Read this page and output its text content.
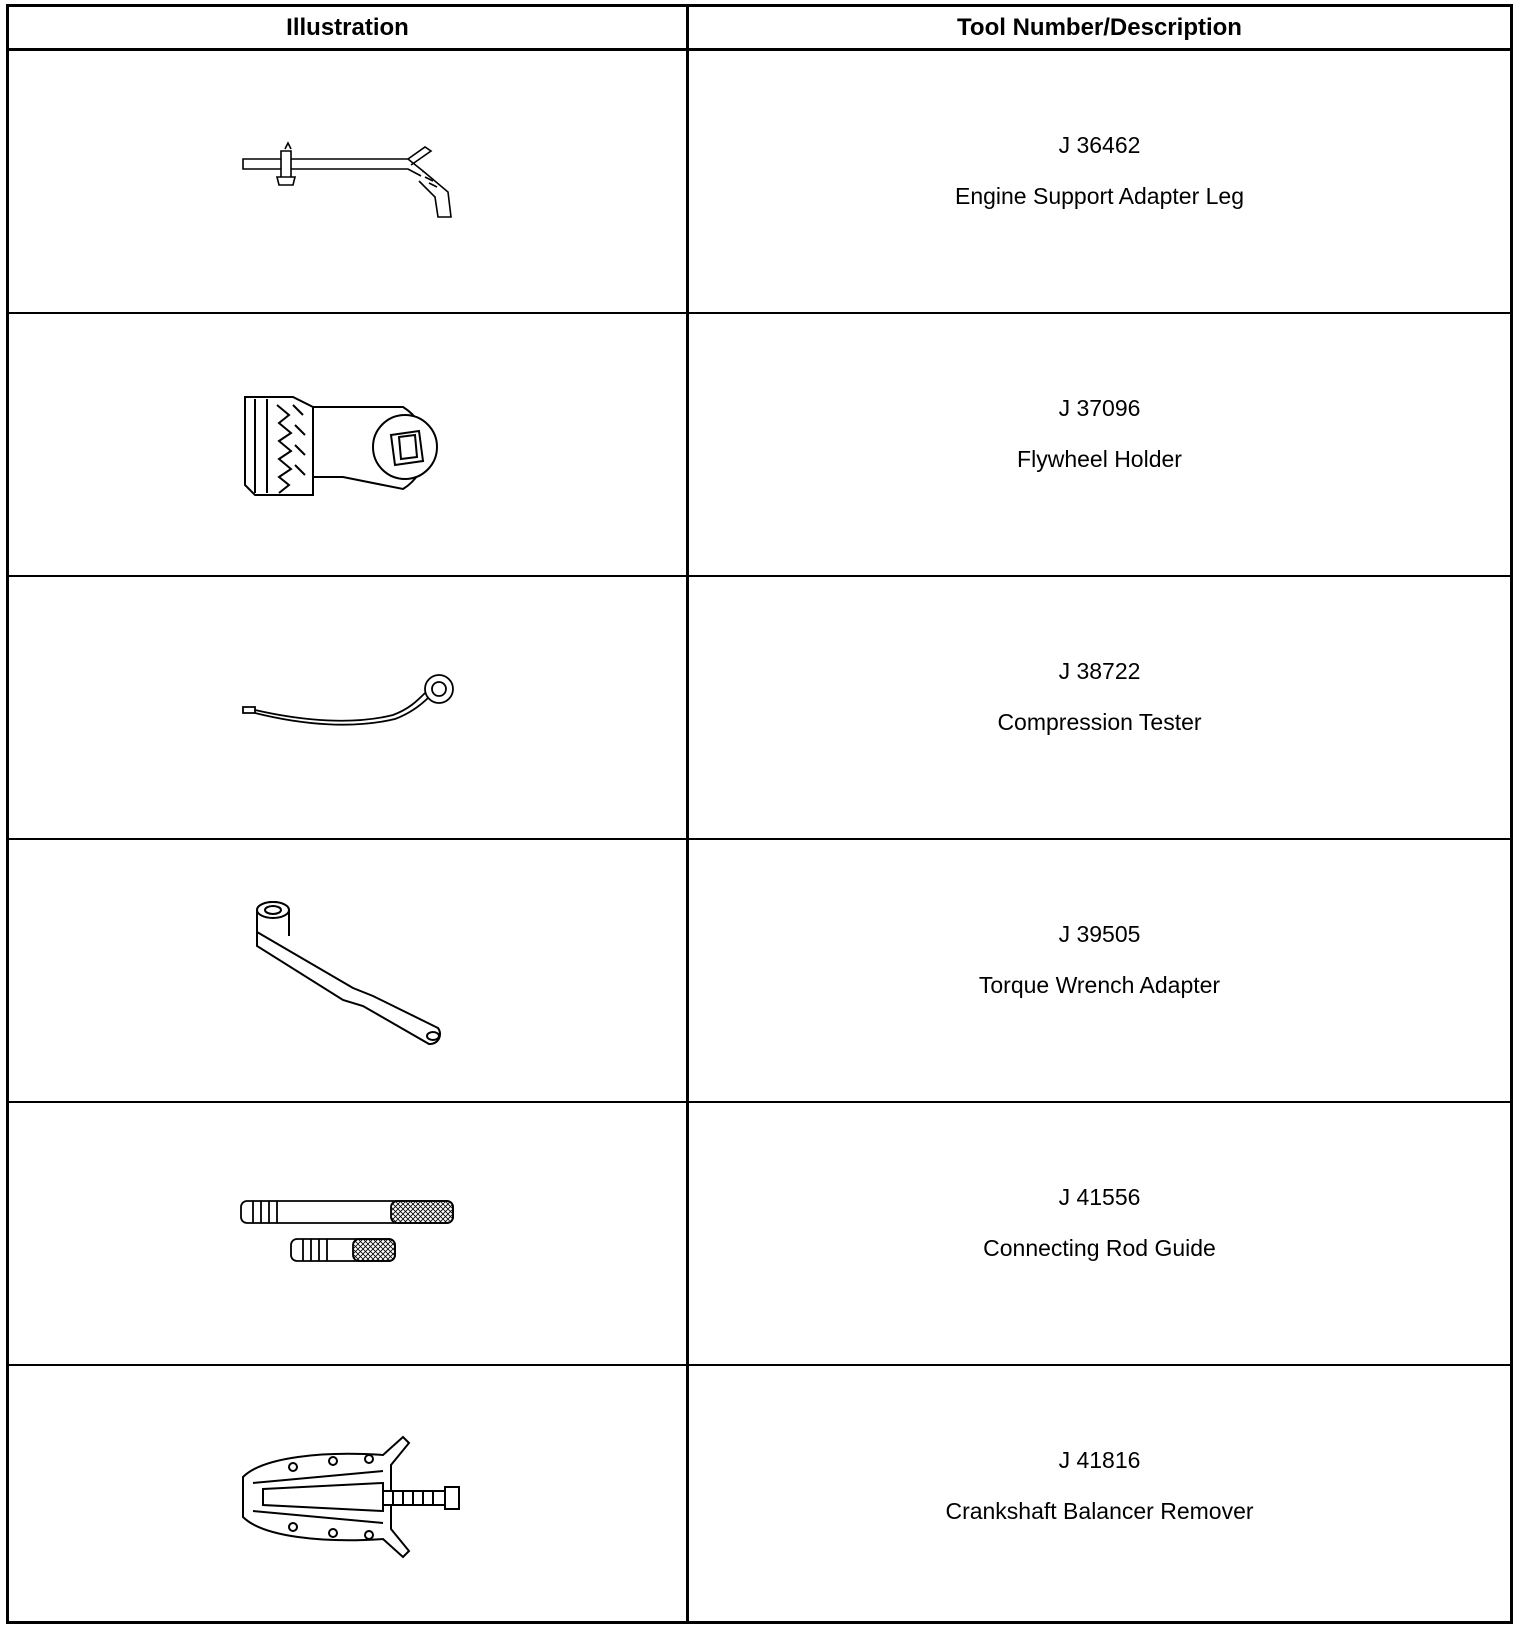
Illustration	Tool Number/Description
J 36462
Engine Support Adapter Leg
J 37096
Flywheel Holder
J 38722
Compression Tester
J 39505
Torque Wrench Adapter
J 41556
Connecting Rod Guide
J 41816
Crankshaft Balancer Remover
